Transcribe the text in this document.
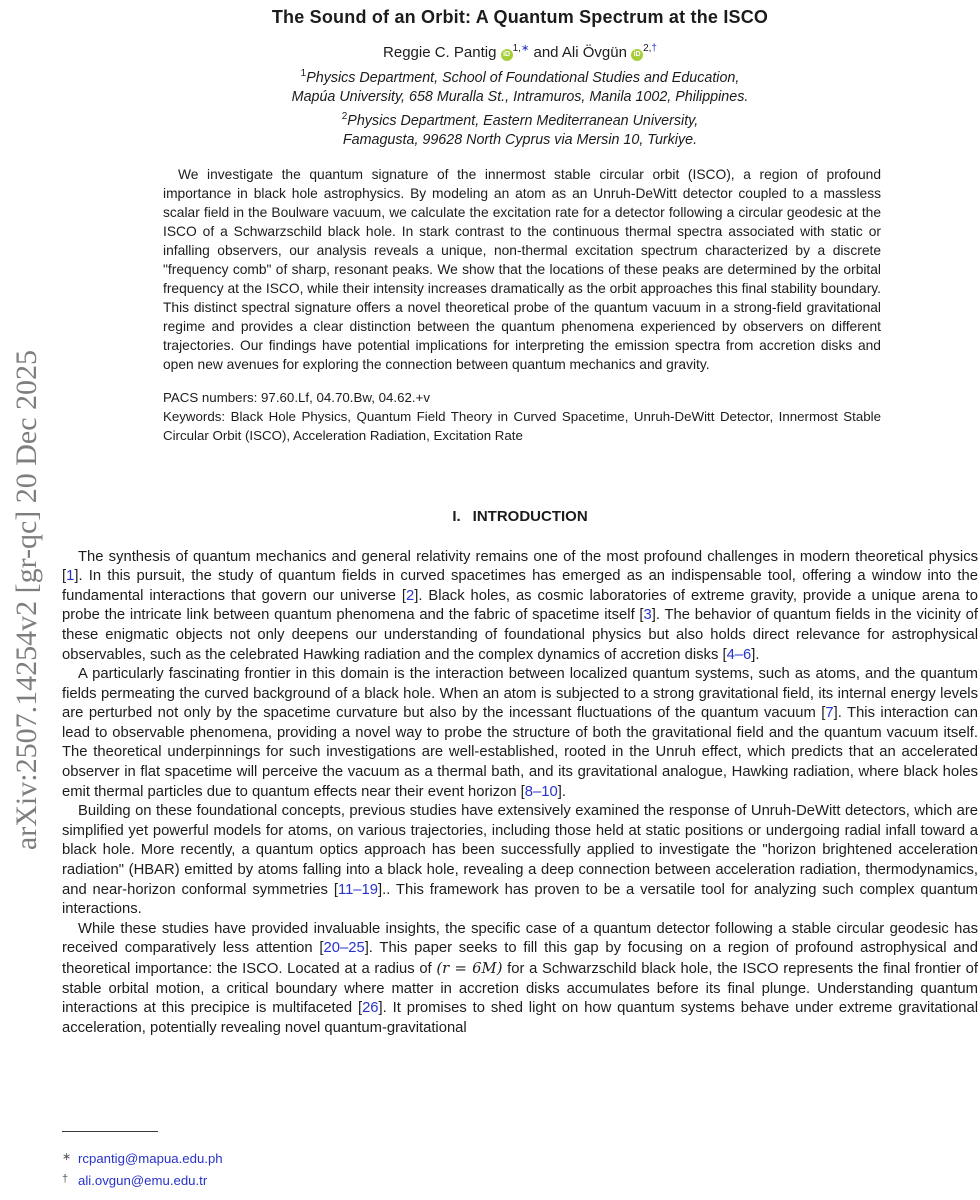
arXiv:2507.14254v2 [gr-qc] 20 Dec 2025
The Sound of an Orbit: A Quantum Spectrum at the ISCO
Reggie C. Pantig $iD^{1,∗}$ and Ali Övgün $iD^{2,\dagger}$
$^1$Physics Department, School of Foundational Studies and Education,
Mapúa University, 658 Muralla St., Intramuros, Manila 1002, Philippines.
$^2$Physics Department, Eastern Mediterranean University,
Famagusta, 99628 North Cyprus via Mersin 10, Turkiye.
We investigate the quantum signature of the innermost stable circular orbit (ISCO), a region of profound importance in black hole astrophysics. By modeling an atom as an Unruh-DeWitt detector coupled to a massless scalar field in the Boulware vacuum, we calculate the excitation rate for a detector following a circular geodesic at the ISCO of a Schwarzschild black hole. In stark contrast to the continuous thermal spectra associated with static or infalling observers, our analysis reveals a unique, non-thermal excitation spectrum characterized by a discrete "frequency comb" of sharp, resonant peaks. We show that the locations of these peaks are determined by the orbital frequency at the ISCO, while their intensity increases dramatically as the orbit approaches this final stability boundary. This distinct spectral signature offers a novel theoretical probe of the quantum vacuum in a strong-field gravitational regime and provides a clear distinction between the quantum phenomena experienced by observers on different trajectories. Our findings have potential implications for interpreting the emission spectra from accretion disks and open new avenues for exploring the connection between quantum mechanics and gravity.
PACS numbers: 97.60.Lf, 04.70.Bw, 04.62.+v
Keywords: Black Hole Physics, Quantum Field Theory in Curved Spacetime, Unruh-DeWitt Detector, Innermost Stable Circular Orbit (ISCO), Acceleration Radiation, Excitation Rate
I. INTRODUCTION

The synthesis of quantum mechanics and general relativity remains one of the most profound challenges in modern theoretical physics [1]. In this pursuit, the study of quantum fields in curved spacetimes has emerged as an indispensable tool, offering a window into the fundamental interactions that govern our universe [2]. Black holes, as cosmic laboratories of extreme gravity, provide a unique arena to probe the intricate link between quantum phenomena and the fabric of spacetime itself [3]. The behavior of quantum fields in the vicinity of these enigmatic objects not only deepens our understanding of foundational physics but also holds direct relevance for astrophysical observables, such as the celebrated Hawking radiation and the complex dynamics of accretion disks [4–6].

A particularly fascinating frontier in this domain is the interaction between localized quantum systems, such as atoms, and the quantum fields permeating the curved background of a black hole. When an atom is subjected to a strong gravitational field, its internal energy levels are perturbed not only by the spacetime curvature but also by the incessant fluctuations of the quantum vacuum [7]. This interaction can lead to observable phenomena, providing a novel way to probe the structure of both the gravitational field and the quantum vacuum itself. The theoretical underpinnings for such investigations are well-established, rooted in the Unruh effect, which predicts that an accelerated observer in flat spacetime will perceive the vacuum as a thermal bath, and its gravitational analogue, Hawking radiation, where black holes emit thermal particles due to quantum effects near their event horizon [8–10].

Building on these foundational concepts, previous studies have extensively examined the response of Unruh-DeWitt detectors, which are simplified yet powerful models for atoms, on various trajectories, including those held at static positions or undergoing radial infall toward a black hole. More recently, a quantum optics approach has been successfully applied to investigate the "horizon brightened acceleration radiation" (HBAR) emitted by atoms falling into a black hole, revealing a deep connection between acceleration radiation, thermodynamics, and near-horizon conformal symmetries [11–19].. This framework has proven to be a versatile tool for analyzing such complex quantum interactions.

While these studies have provided invaluable insights, the specific case of a quantum detector following a stable circular geodesic has received comparatively less attention [20–25]. This paper seeks to fill this gap by focusing on a region of profound astrophysical and theoretical importance: the ISCO. Located at a radius of (r = 6M) for a Schwarzschild black hole, the ISCO represents the final frontier of stable orbital motion, a critical boundary where matter in accretion disks accumulates before its final plunge. Understanding quantum interactions at this precipice is multifaceted [26]. It promises to shed light on how quantum systems behave under extreme gravitational acceleration, potentially revealing novel quantum-gravitational

∗ rcpantig@mapua.edu.ph
† ali.ovgun@emu.edu.tr
